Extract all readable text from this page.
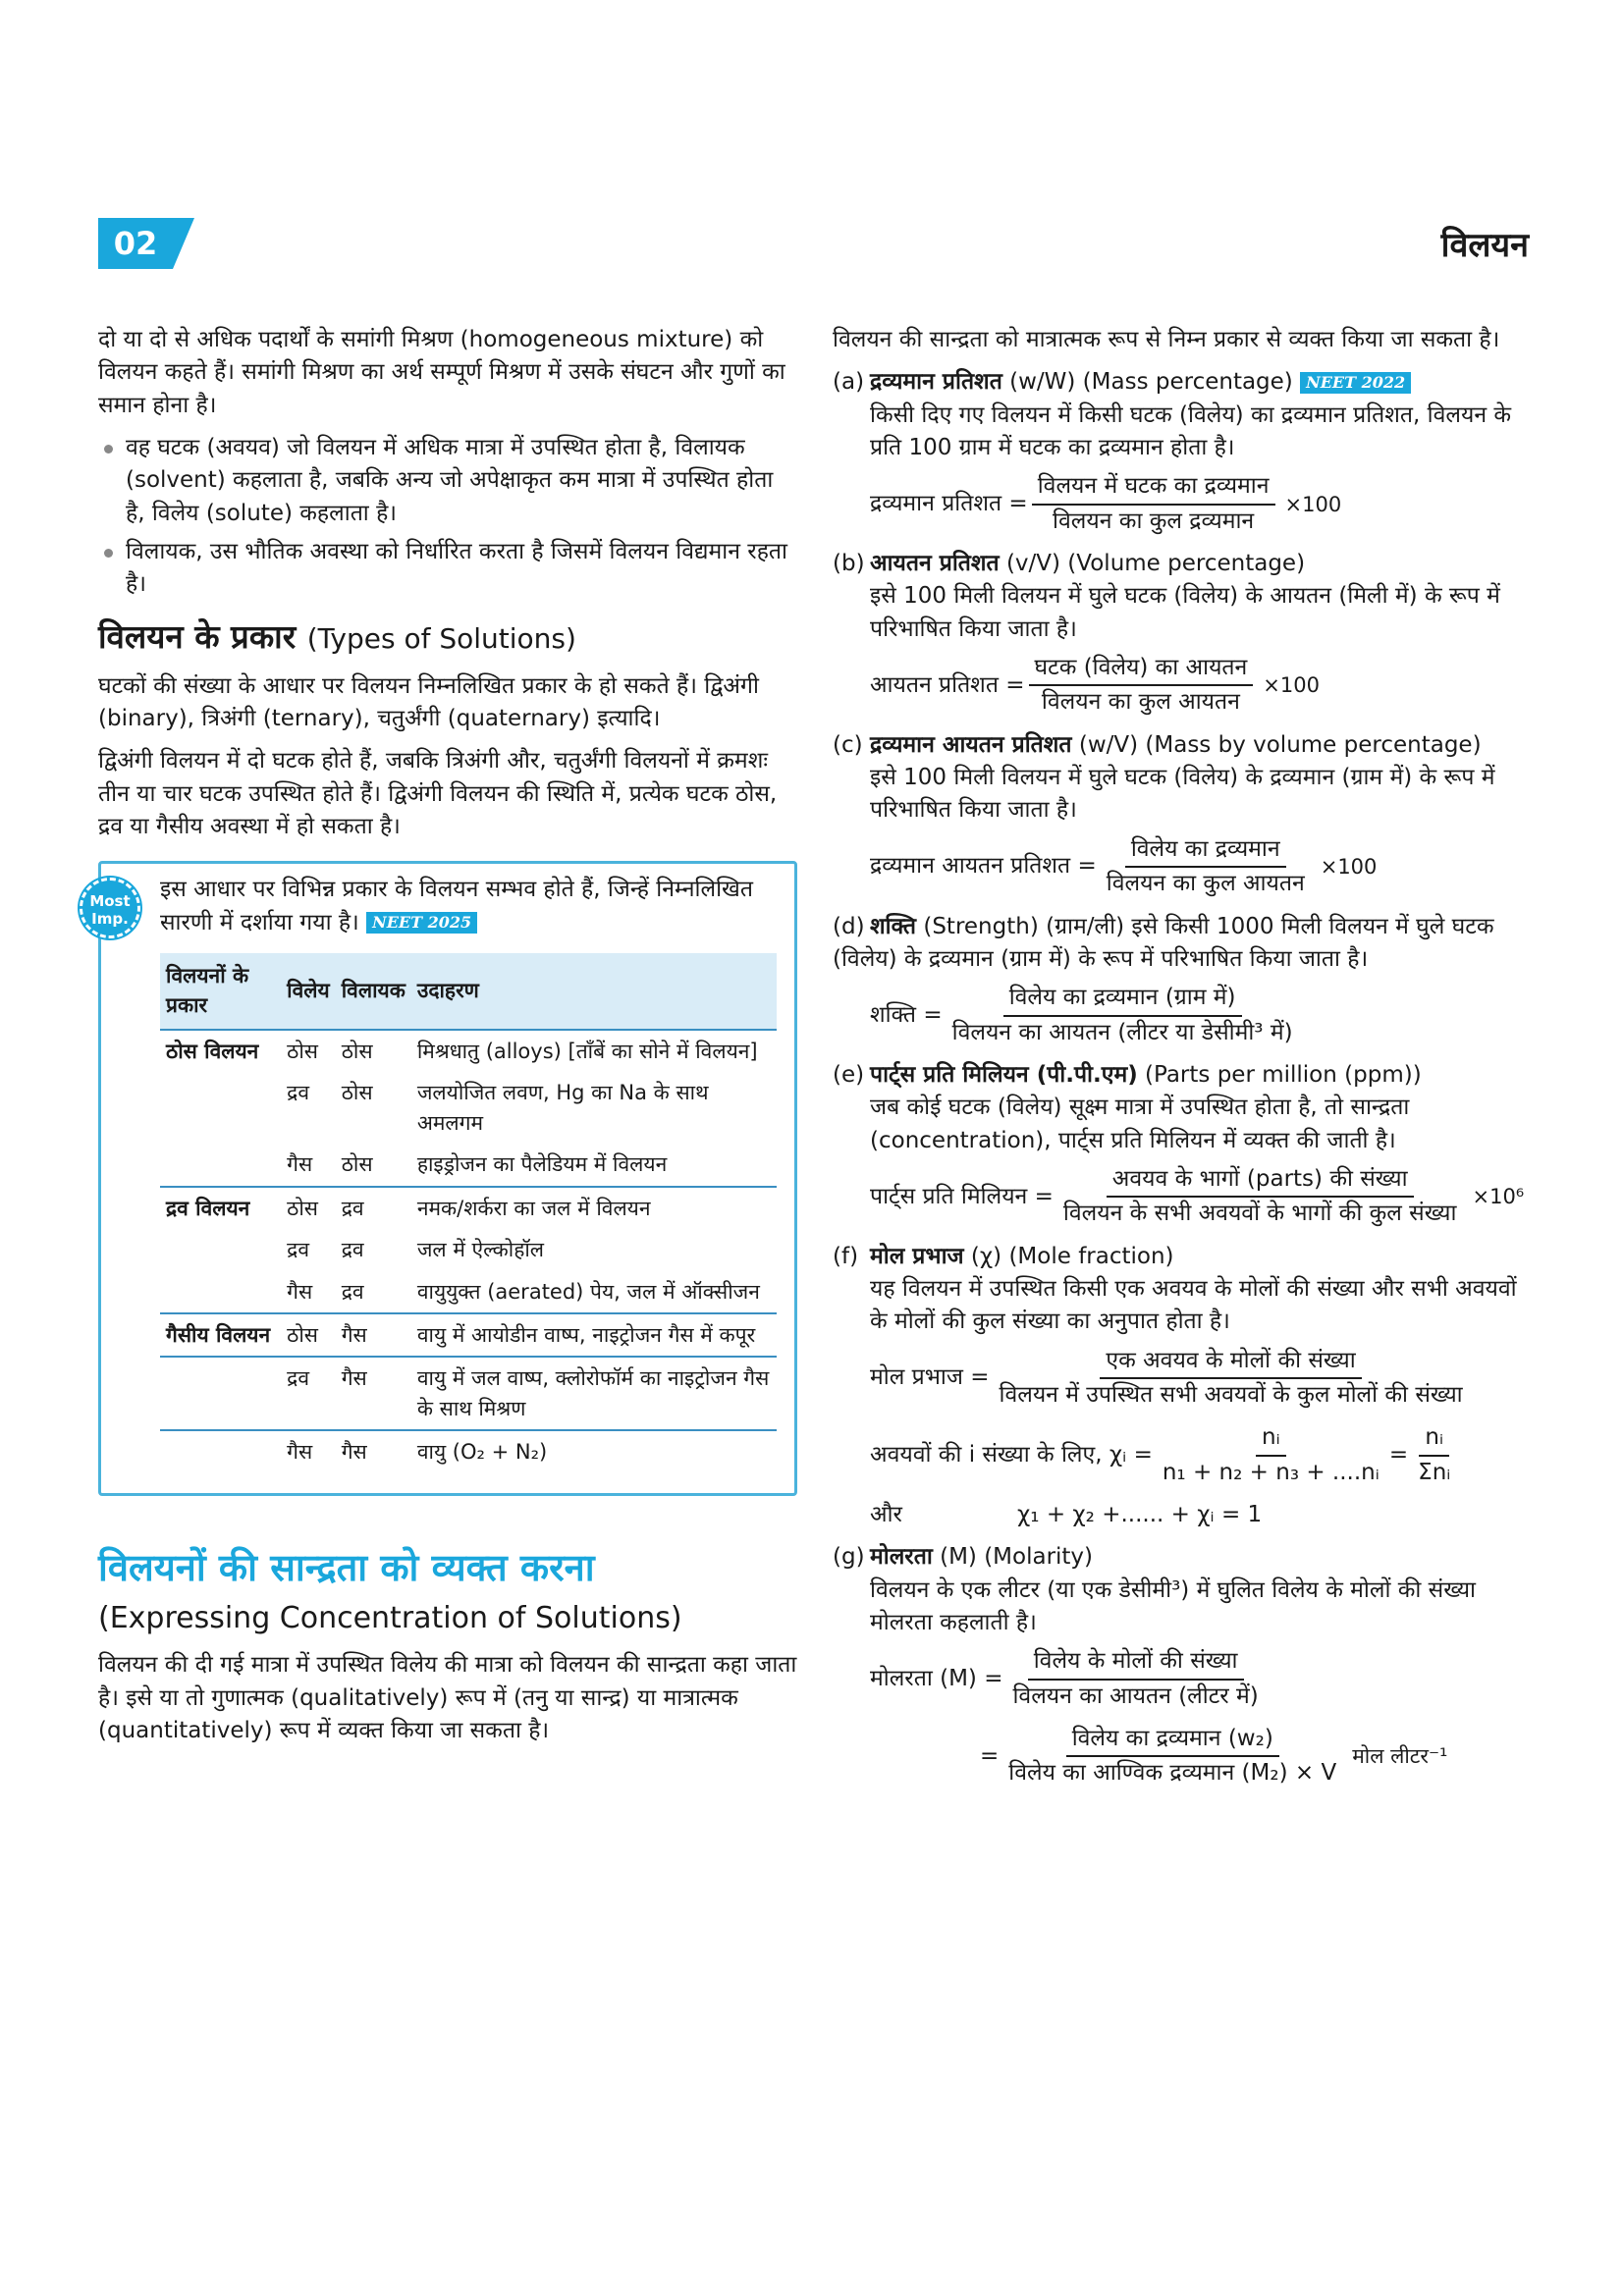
02	विलयन

दो या दो से अधिक पदार्थों के समांगी मिश्रण (homogeneous mixture) को विलयन कहते हैं। समांगी मिश्रण का अर्थ सम्पूर्ण मिश्रण में उसके संघटन और गुणों का समान होना है।

वह घटक (अवयव) जो विलयन में अधिक मात्रा में उपस्थित होता है, विलायक (solvent) कहलाता है, जबकि अन्य जो अपेक्षाकृत कम मात्रा में उपस्थित होता है, विलेय (solute) कहलाता है।
विलायक, उस भौतिक अवस्था को निर्धारित करता है जिसमें विलयन विद्यमान रहता है।
विलयन के प्रकार (Types of Solutions)

घटकों की संख्या के आधार पर विलयन निम्नलिखित प्रकार के हो सकते हैं। द्विअंगी (binary), त्रिअंगी (ternary), चतुर्अंगी (quaternary) इत्यादि।

द्विअंगी विलयन में दो घटक होते हैं, जबकि त्रिअंगी और, चतुर्अंगी विलयनों में क्रमशः तीन या चार घटक उपस्थित होते हैं। द्विअंगी विलयन की स्थिति में, प्रत्येक घटक ठोस, द्रव या गैसीय अवस्था में हो सकता है।

Most Imp.
इस आधार पर विभिन्न प्रकार के विलयन सम्भव होते हैं, जिन्हें निम्नलिखित सारणी में दर्शाया गया है। NEET 2025
विलयनों के प्रकार	विलेय	विलायक	उदाहरण
ठोस विलयन	ठोस	ठोस	मिश्रधातु (alloys) [ताँबें का सोने में विलयन]
	द्रव	ठोस	जलयोजित लवण, Hg का Na के साथ अमलगम
	गैस	ठोस	हाइड्रोजन का पैलेडियम में विलयन
द्रव विलयन	ठोस	द्रव	नमक/शर्करा का जल में विलयन
	द्रव	द्रव	जल में ऐल्कोहॉल
	गैस	द्रव	वायुयुक्त (aerated) पेय, जल में ऑक्सीजन
गैसीय विलयन	ठोस	गैस	वायु में आयोडीन वाष्प, नाइट्रोजन गैस में कपूर
	द्रव	गैस	वायु में जल वाष्प, क्लोरोफॉर्म का नाइट्रोजन गैस के साथ मिश्रण
	गैस	गैस	वायु (O₂ + N₂)
विलयनों की सान्द्रता को व्यक्त करना
(Expressing Concentration of Solutions)

विलयन की दी गई मात्रा में उपस्थित विलेय की मात्रा को विलयन की सान्द्रता कहा जाता है। इसे या तो गुणात्मक (qualitatively) रूप में (तनु या सान्द्र) या मात्रात्मक (quantitatively) रूप में व्यक्त किया जा सकता है।

विलयन की सान्द्रता को मात्रात्मक रूप से निम्न प्रकार से व्यक्त किया जा सकता है।

(a) द्रव्यमान प्रतिशत (w/W) (Mass percentage) NEET 2022
किसी दिए गए विलयन में किसी घटक (विलेय) का द्रव्यमान प्रतिशत, विलयन के प्रति 100 ग्राम में घटक का द्रव्यमान होता है।
द्रव्यमान प्रतिशत = $\frac{\text{विलयन में घटक का द्रव्यमान}}{\text{विलयन का कुल द्रव्यमान}} \times 100$
(b) आयतन प्रतिशत (v/V) (Volume percentage)
इसे 100 मिली विलयन में घुले घटक (विलेय) के आयतन (मिली में) के रूप में परिभाषित किया जाता है।
आयतन प्रतिशत = $\frac{\text{घटक (विलेय) का आयतन}}{\text{विलयन का कुल आयतन}} \times 100$
(c) द्रव्यमान आयतन प्रतिशत (w/V) (Mass by volume percentage)
इसे 100 मिली विलयन में घुले घटक (विलेय) के द्रव्यमान (ग्राम में) के रूप में परिभाषित किया जाता है।
द्रव्यमान आयतन प्रतिशत = $\frac{\text{विलेय का द्रव्यमान}}{\text{विलयन का कुल आयतन}} \times 100$
(d) शक्ति (Strength) (ग्राम/ली) इसे किसी 1000 मिली विलयन में घुले घटक (विलेय) के द्रव्यमान (ग्राम में) के रूप में परिभाषित किया जाता है।
शक्ति = $\frac{\text{विलेय का द्रव्यमान (ग्राम में)}}{\text{विलयन का आयतन (लीटर या डेसीमी³ में)}}$
(e) पार्ट्स प्रति मिलियन (पी.पी.एम) (Parts per million (ppm))
जब कोई घटक (विलेय) सूक्ष्म मात्रा में उपस्थित होता है, तो सान्द्रता (concentration), पार्ट्स प्रति मिलियन में व्यक्त की जाती है।
पार्ट्स प्रति मिलियन = $\frac{\text{अवयव के भागों (parts) की संख्या}}{\text{विलयन के सभी अवयवों के भागों की कुल संख्या}} \times 10^6$
(f) मोल प्रभाज (χ) (Mole fraction)
यह विलयन में उपस्थित किसी एक अवयव के मोलों की संख्या और सभी अवयवों के मोलों की कुल संख्या का अनुपात होता है।
मोल प्रभाज = $\frac{\text{एक अवयव के मोलों की संख्या}}{\text{विलयन में उपस्थित सभी अवयवों के कुल मोलों की संख्या}}$
अवयवों की i संख्या के लिए, χᵢ = $\frac{\text{nᵢ}}{\text{n₁ + n₂ + n₃ + ....nᵢ}} = \frac{\text{nᵢ}}{\text{Σnᵢ}}$
और	χ₁ + χ₂ +...... + χᵢ = 1
(g) मोलरता (M) (Molarity)
विलयन के एक लीटर (या एक डेसीमी³) में घुलित विलेय के मोलों की संख्या मोलरता कहलाती है।
मोलरता $(M) = \frac{\text{विलेय के मोलों की संख्या}}{\text{विलयन का आयतन (लीटर में)}}$
= $\frac{\text{विलेय का द्रव्यमान (w₂)}}{\text{विलेय का आण्विक द्रव्यमान (M₂) × V}}$ मोल लीटर⁻¹
